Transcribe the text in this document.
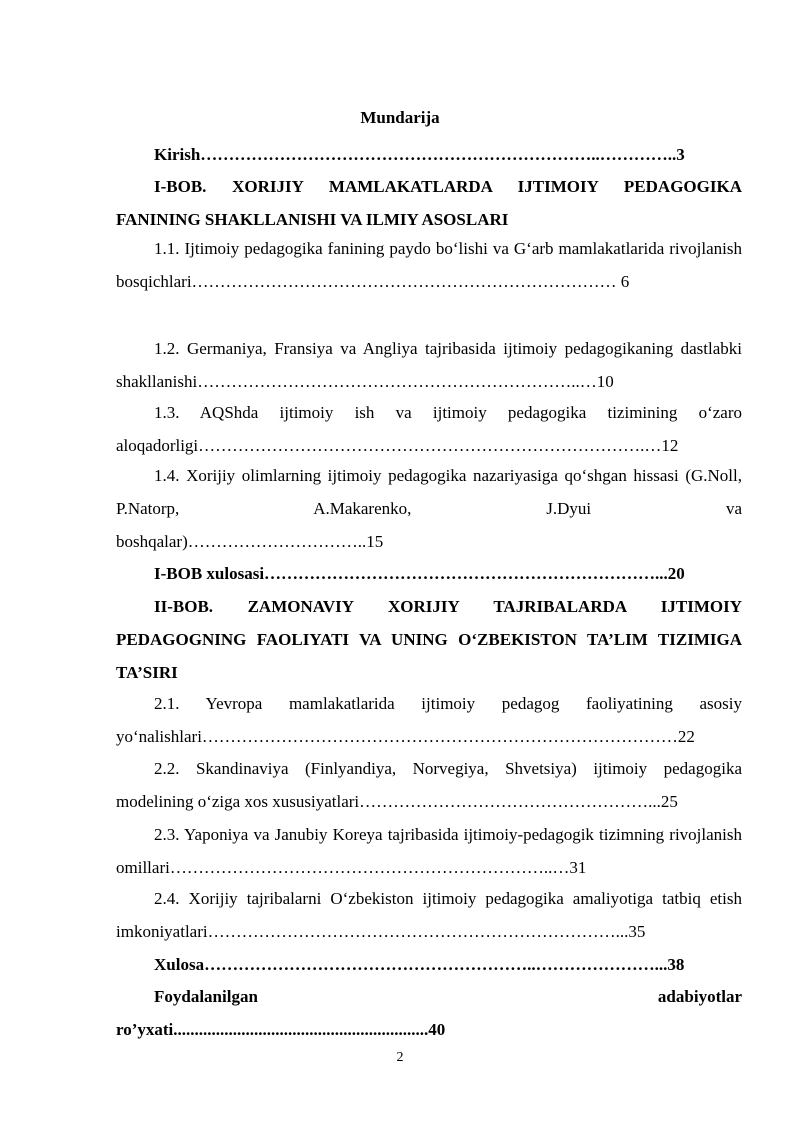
Mundarija
Kirish……………………………………………………………..…………..3
I-BOB. XORIJIY MAMLAKATLARDA IJTIMOIY PEDAGOGIKA FANINING SHAKLLANISHI VA ILMIY ASOSLARI
1.1. Ijtimoiy pedagogika fanining paydo bo‘lishi va G‘arb mamlakatlarida rivojlanish bosqichlari………………………………………………………………… 6
1.2. Germaniya, Fransiya va Angliya tajribasida ijtimoiy pedagogikaning dastlabki shakllanishi…………………………………………………………..…10
1.3. AQShda ijtimoiy ish va ijtimoiy pedagogika tizimining o‘zaro aloqadorligi…………………………………………………………………….…12
1.4. Xorijiy olimlarning ijtimoiy pedagogika nazariyasiga qo‘shgan hissasi (G.Noll, P.Natorp, A.Makarenko, J.Dyui va
boshqalar)…………………………..15
I-BOB xulosasi……………………………………………………………...20
II-BOB. ZAMONAVIY XORIJIY TAJRIBALARDA IJTIMOIY PEDAGOGNING FAOLIYATI VA UNING O‘ZBEKISTON TA’LIM TIZIMIGA TA’SIRI
2.1. Yevropa mamlakatlarida ijtimoiy pedagog faoliyatining asosiy yo‘nalishlari…………………………………………………………………………22
2.2. Skandinaviya (Finlyandiya, Norvegiya, Shvetsiya) ijtimoiy pedagogika modelining o‘ziga xos xususiyatlari……………………………………………...25
2.3. Yaponiya va Janubiy Koreya tajribasida ijtimoiy-pedagogik tizimning rivojlanish omillari…………………………………………………………..…31
2.4. Xorijiy tajribalarni O‘zbekiston ijtimoiy pedagogika amaliyotiga tatbiq etish imkoniyatlari………………………………………………………………...35
Xulosa…………………………………………………..…………………...38
Foydalanilgan adabiyotlar
ro’yxati............................................................40
2
